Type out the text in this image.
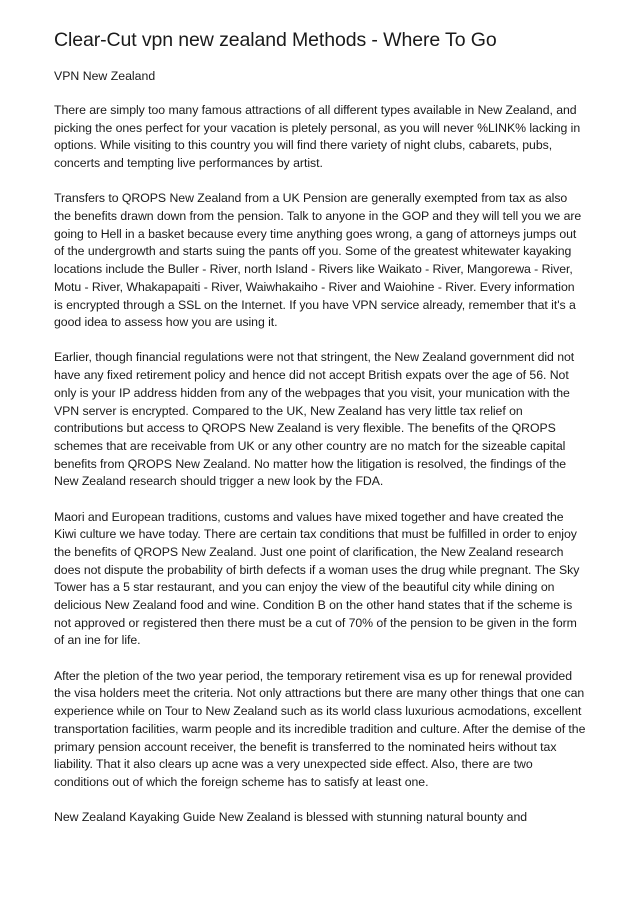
Clear-Cut vpn new zealand Methods - Where To Go
VPN New Zealand

There are simply too many famous attractions of all different types available in New Zealand, and picking the ones perfect for your vacation is pletely personal, as you will never %LINK% lacking in options. While visiting to this country you will find there variety of night clubs, cabarets, pubs, concerts and tempting live performances by artist.

Transfers to QROPS New Zealand from a UK Pension are generally exempted from tax as also the benefits drawn down from the pension. Talk to anyone in the GOP and they will tell you we are going to Hell in a basket because every time anything goes wrong, a gang of attorneys jumps out of the undergrowth and starts suing the pants off you. Some of the greatest whitewater kayaking locations include the Buller - River, north Island - Rivers like Waikato - River, Mangorewa - River, Motu - River, Whakapapaiti - River, Waiwhakaiho - River and Waiohine - River. Every information is encrypted through a SSL on the Internet. If you have VPN service already, remember that it's a good idea to assess how you are using it.

Earlier, though financial regulations were not that stringent, the New Zealand government did not have any fixed retirement policy and hence did not accept British expats over the age of 56. Not only is your IP address hidden from any of the webpages that you visit, your munication with the VPN server is encrypted. Compared to the UK, New Zealand has very little tax relief on contributions but access to QROPS New Zealand is very flexible. The benefits of the QROPS schemes that are receivable from UK or any other country are no match for the sizeable capital benefits from QROPS New Zealand. No matter how the litigation is resolved, the findings of the New Zealand research should trigger a new look by the FDA.

Maori and European traditions, customs and values have mixed together and have created the Kiwi culture we have today. There are certain tax conditions that must be fulfilled in order to enjoy the benefits of QROPS New Zealand. Just one point of clarification, the New Zealand research does not dispute the probability of birth defects if a woman uses the drug while pregnant. The Sky Tower has a 5 star restaurant, and you can enjoy the view of the beautiful city while dining on delicious New Zealand food and wine. Condition B on the other hand states that if the scheme is not approved or registered then there must be a cut of 70% of the pension to be given in the form of an ine for life.

After the pletion of the two year period, the temporary retirement visa es up for renewal provided the visa holders meet the criteria. Not only attractions but there are many other things that one can experience while on Tour to New Zealand such as its world class luxurious acmodations, excellent transportation facilities, warm people and its incredible tradition and culture. After the demise of the primary pension account receiver, the benefit is transferred to the nominated heirs without tax liability. That it also clears up acne was a very unexpected side effect. Also, there are two conditions out of which the foreign scheme has to satisfy at least one.

New Zealand Kayaking Guide New Zealand is blessed with stunning natural bounty and
